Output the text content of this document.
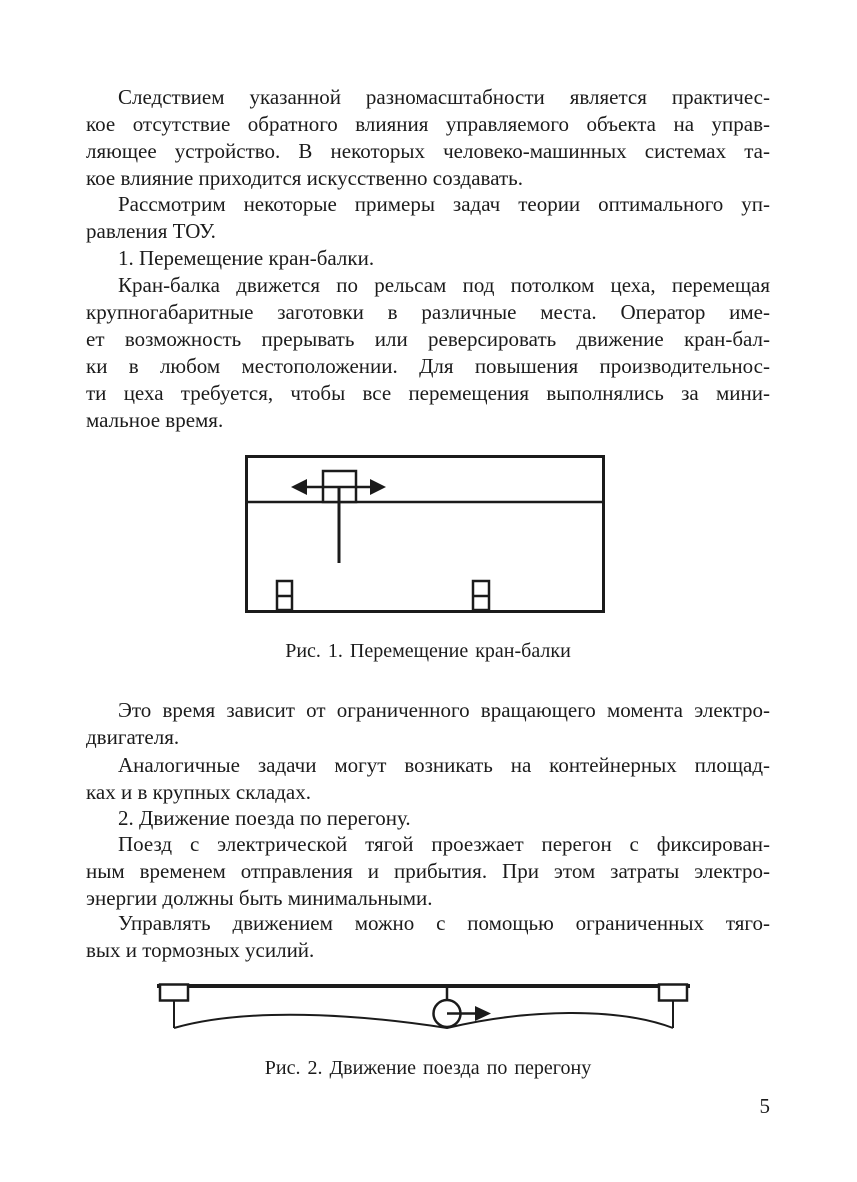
Следствием указанной разномасштабности является практичес-
кое отсутствие обратного влияния управляемого объекта на управ-
ляющее устройство. В некоторых человеко-машинных системах та-
кое влияние приходится искусственно создавать.
Рассмотрим некоторые примеры задач теории оптимального уп-
равления ТОУ.
1. Перемещение кран-балки.
Кран-балка движется по рельсам под потолком цеха, перемещая
крупногабаритные заготовки в различные места. Оператор име-
ет возможность прерывать или реверсировать движение кран-бал-
ки в любом местоположении. Для повышения производительнос-
ти цеха требуется, чтобы все перемещения выполнялись за мини-
мальное время.
Рис. 1. Перемещение кран-балки
Это время зависит от ограниченного вращающего момента электро-
двигателя.
Аналогичные задачи могут возникать на контейнерных площад-
ках и в крупных складах.
2. Движение поезда по перегону.
Поезд с электрической тягой проезжает перегон с фиксирован-
ным временем отправления и прибытия. При этом затраты электро-
энергии должны быть минимальными.
Управлять движением можно с помощью ограниченных тяго-
вых и тормозных усилий.
Рис. 2. Движение поезда по перегону
5
